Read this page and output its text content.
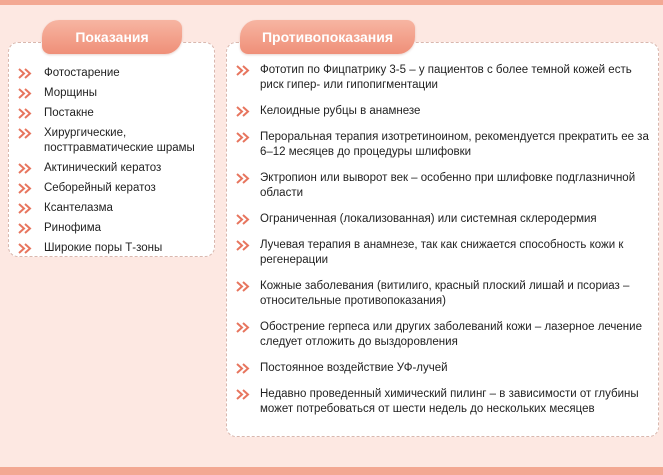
Показания
Фотостарение
Морщины
Постакне
Хирургические, посттравматические шрамы
Актинический кератоз
Себорейный кератоз
Ксантелазма
Ринофима
Широкие поры Т-зоны
Противопоказания
Фототип по Фицпатрику 3-5 – у пациентов с более темной кожей есть риск гипер- или гипопигментации
Келоидные рубцы в анамнезе
Пероральная терапия изотретиноином, рекомендуется прекратить ее за 6–12 месяцев до процедуры шлифовки
Эктропион или выворот век – особенно при шлифовке подглазничной области
Ограниченная (локализованная) или системная склеродермия
Лучевая терапия в анамнезе, так как снижается способность кожи к регенерации
Кожные заболевания (витилиго, красный плоский лишай и псориаз – относительные противопоказания)
Обострение герпеса или других заболеваний кожи – лазерное лечение следует отложить до выздоровления
Постоянное воздействие УФ-лучей
Недавно проведенный химический пилинг – в зависимости от глубины может потребоваться от шести недель до нескольких месяцев
